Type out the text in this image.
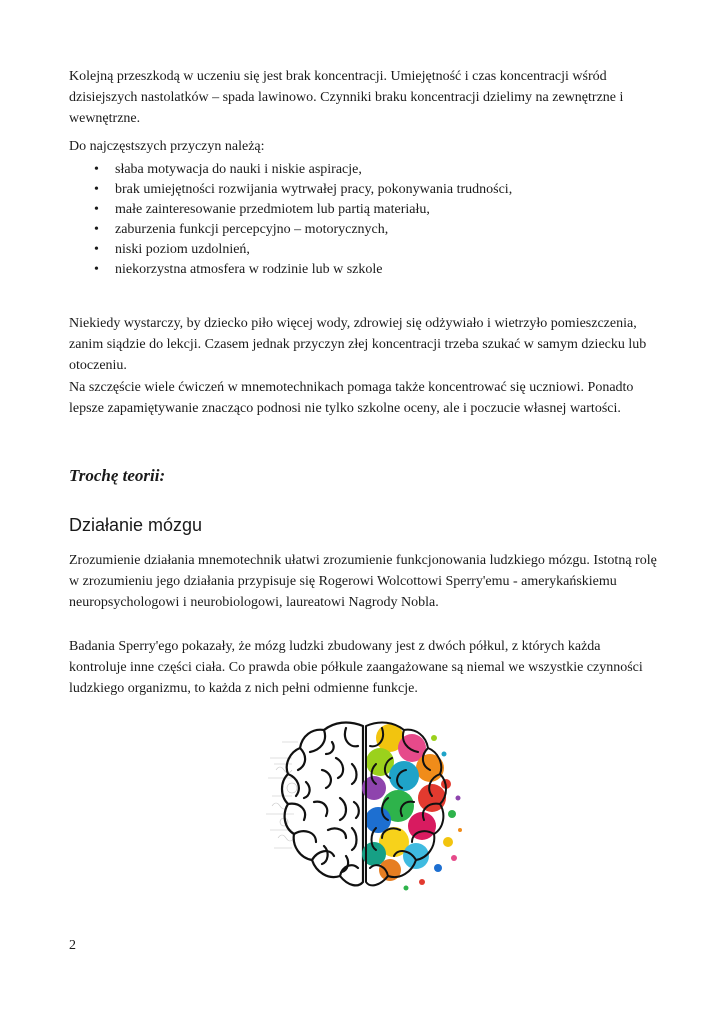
Kolejną przeszkodą w uczeniu się jest brak koncentracji. Umiejętność i czas koncentracji wśród dzisiejszych nastolatków – spada lawinowo. Czynniki braku koncentracji dzielimy na zewnętrzne i wewnętrzne.

Do najczęstszych przyczyn należą:

• słaba motywacja do nauki i niskie aspiracje,
• brak umiejętności rozwijania wytrwałej pracy, pokonywania trudności,
• małe zainteresowanie przedmiotem lub partią materiału,
• zaburzenia funkcji percepcyjno – motorycznych,
• niski poziom uzdolnień,
• niekorzystna atmosfera w rodzinie lub w szkole

Niekiedy wystarczy, by dziecko piło więcej wody, zdrowiej się odżywiało i wietrzyło pomieszczenia, zanim siądzie do lekcji. Czasem jednak przyczyn złej koncentracji trzeba szukać w samym dziecku lub otoczeniu.

Na szczęście wiele ćwiczeń w mnemotechnikach pomaga także koncentrować się uczniowi. Ponadto lepsze zapamiętywanie znacząco podnosi nie tylko szkolne oceny, ale i poczucie własnej wartości.

Trochę teorii:
Działanie mózgu

Zrozumienie działania mnemotechnik ułatwi zrozumienie funkcjonowania ludzkiego mózgu. Istotną rolę w zrozumieniu jego działania przypisuje się Rogerowi Wolcottowi Sperry'emu - amerykańskiemu neuropsychologowi i neurobiologowi, laureatowi Nagrody Nobla.

Badania Sperry'ego pokazały, że mózg ludzki zbudowany jest z dwóch półkul, z których każda kontroluje inne części ciała. Co prawda obie półkule zaangażowane są niemal we wszystkie czynności ludzkiego organizmu, to każda z nich pełni odmienne funkcje.

2
